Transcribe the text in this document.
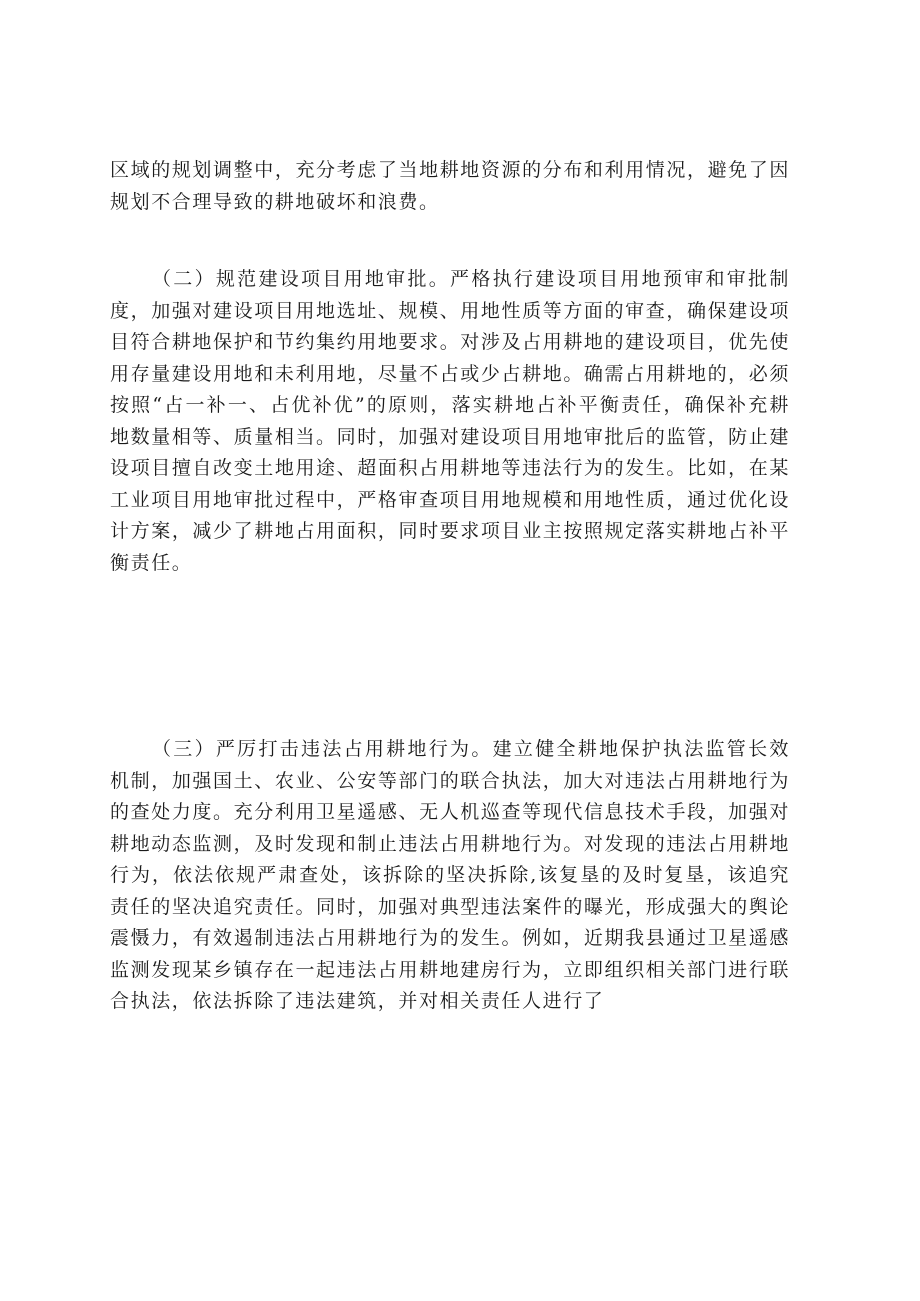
区域的规划调整中，充分考虑了当地耕地资源的分布和利用情况，避免了因规划不合理导致的耕地破坏和浪费。

（二）规范建设项目用地审批。严格执行建设项目用地预审和审批制度，加强对建设项目用地选址、规模、用地性质等方面的审查，确保建设项目符合耕地保护和节约集约用地要求。对涉及占用耕地的建设项目，优先使用存量建设用地和未利用地，尽量不占或少占耕地。确需占用耕地的，必须按照“占一补一、占优补优”的原则，落实耕地占补平衡责任，确保补充耕地数量相等、质量相当。同时，加强对建设项目用地审批后的监管，防止建设项目擅自改变土地用途、超面积占用耕地等违法行为的发生。比如，在某工业项目用地审批过程中，严格审查项目用地规模和用地性质，通过优化设计方案，减少了耕地占用面积，同时要求项目业主按照规定落实耕地占补平衡责任。

（三）严厉打击违法占用耕地行为。建立健全耕地保护执法监管长效机制，加强国土、农业、公安等部门的联合执法，加大对违法占用耕地行为的查处力度。充分利用卫星遥感、无人机巡查等现代信息技术手段，加强对耕地动态监测，及时发现和制止违法占用耕地行为。对发现的违法占用耕地行为，依法依规严肃查处，该拆除的坚决拆除,该复垦的及时复垦，该追究责任的坚决追究责任。同时，加强对典型违法案件的曝光，形成强大的舆论震慑力，有效遏制违法占用耕地行为的发生。例如，近期我县通过卫星遥感监测发现某乡镇存在一起违法占用耕地建房行为，立即组织相关部门进行联合执法，依法拆除了违法建筑，并对相关责任人进行了
